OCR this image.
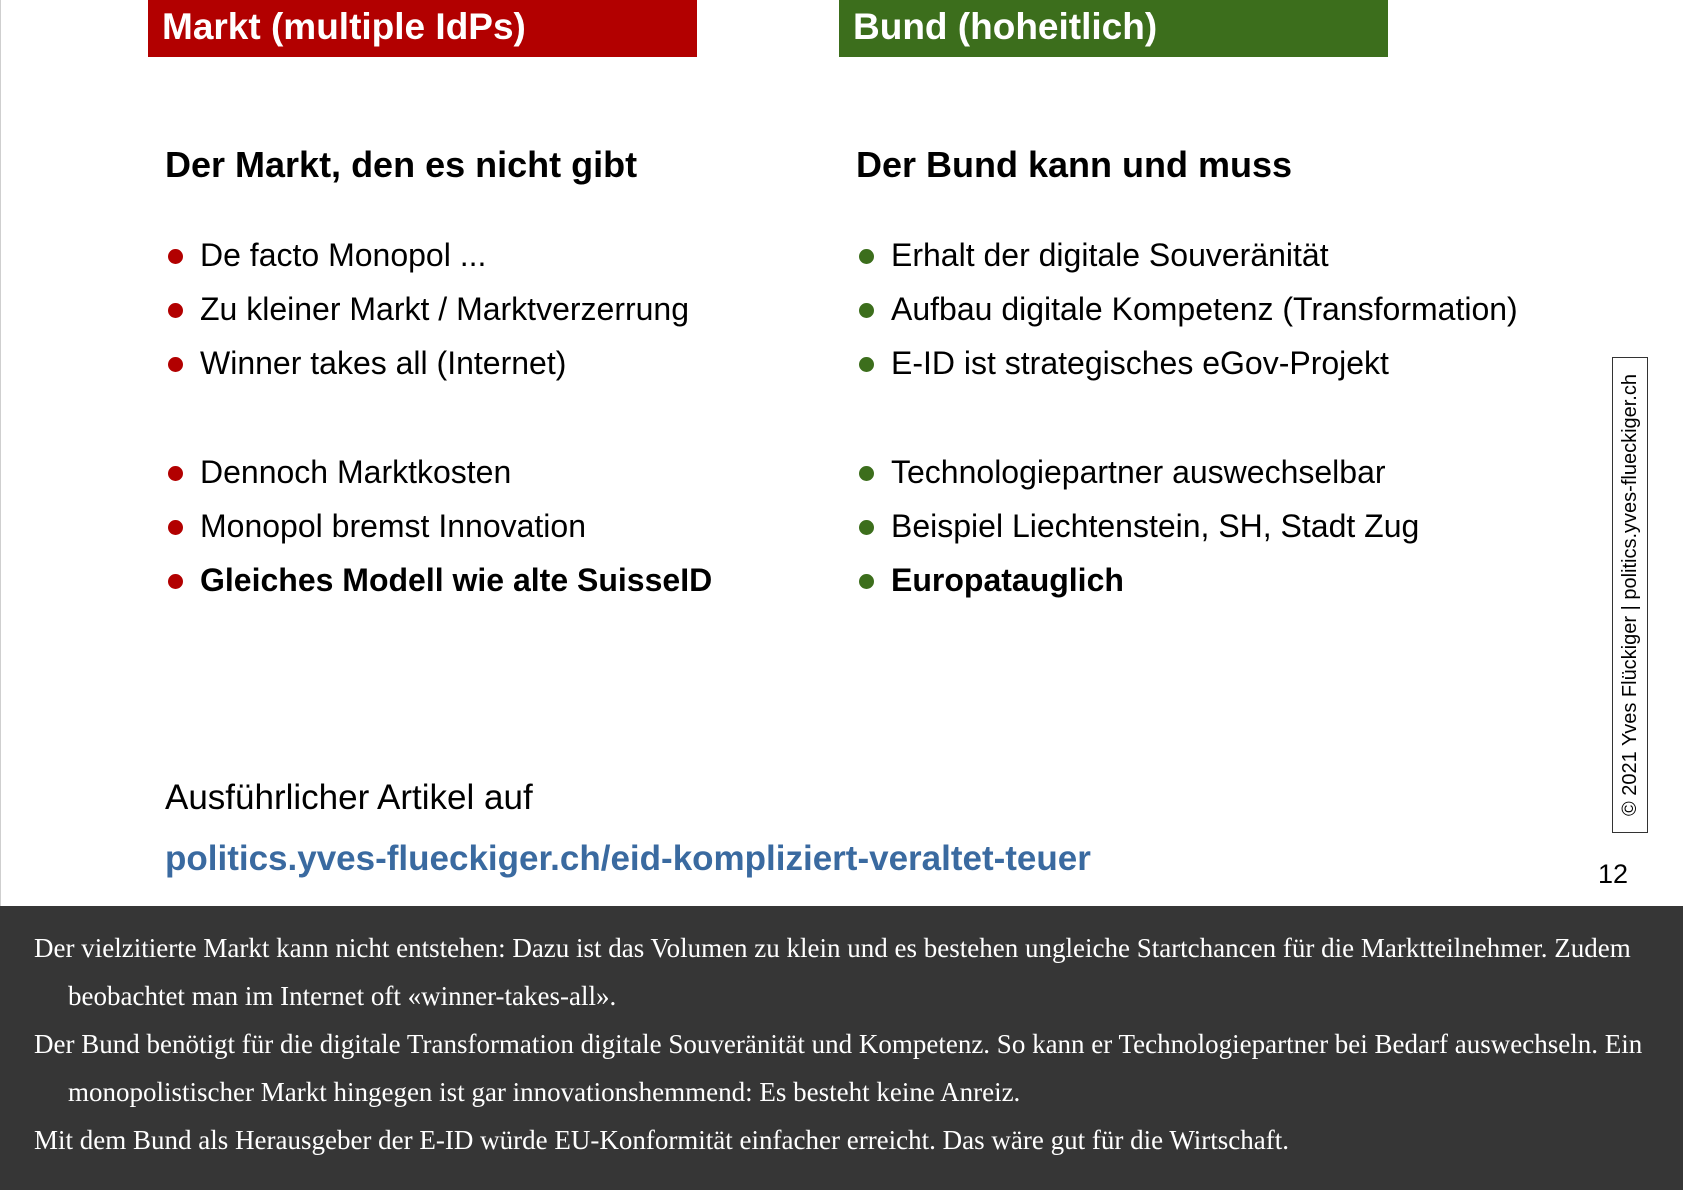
Markt (multiple IdPs)	Bund (hoheitlich)
Der Markt, den es nicht gibt
De facto Monopol ...
Zu kleiner Markt / Marktverzerrung
Winner takes all (Internet)
Dennoch Marktkosten
Monopol bremst Innovation
Gleiches Modell wie alte SuisseID
Der Bund kann und muss
Erhalt der digitale Souveränität
Aufbau digitale Kompetenz (Transformation)
E-ID ist strategisches eGov-Projekt
Technologiepartner auswechselbar
Beispiel Liechtenstein, SH, Stadt Zug
Europatauglich
Ausführlicher Artikel auf
politics.yves-flueckiger.ch/eid-kompliziert-veraltet-teuer
© 2021 Yves Flückiger | politics.yves-flueckiger.ch
12

Der vielzitierte Markt kann nicht entstehen: Dazu ist das Volumen zu klein und es bestehen ungleiche Startchancen für die Marktteilnehmer. Zudem beobachtet man im Internet oft «winner-takes-all».

Der Bund benötigt für die digitale Transformation digitale Souveränität und Kompetenz. So kann er Technologiepartner bei Bedarf auswechseln. Ein monopolistischer Markt hingegen ist gar innovationshemmend: Es besteht keine Anreiz.

Mit dem Bund als Herausgeber der E-ID würde EU-Konformität einfacher erreicht. Das wäre gut für die Wirtschaft.
